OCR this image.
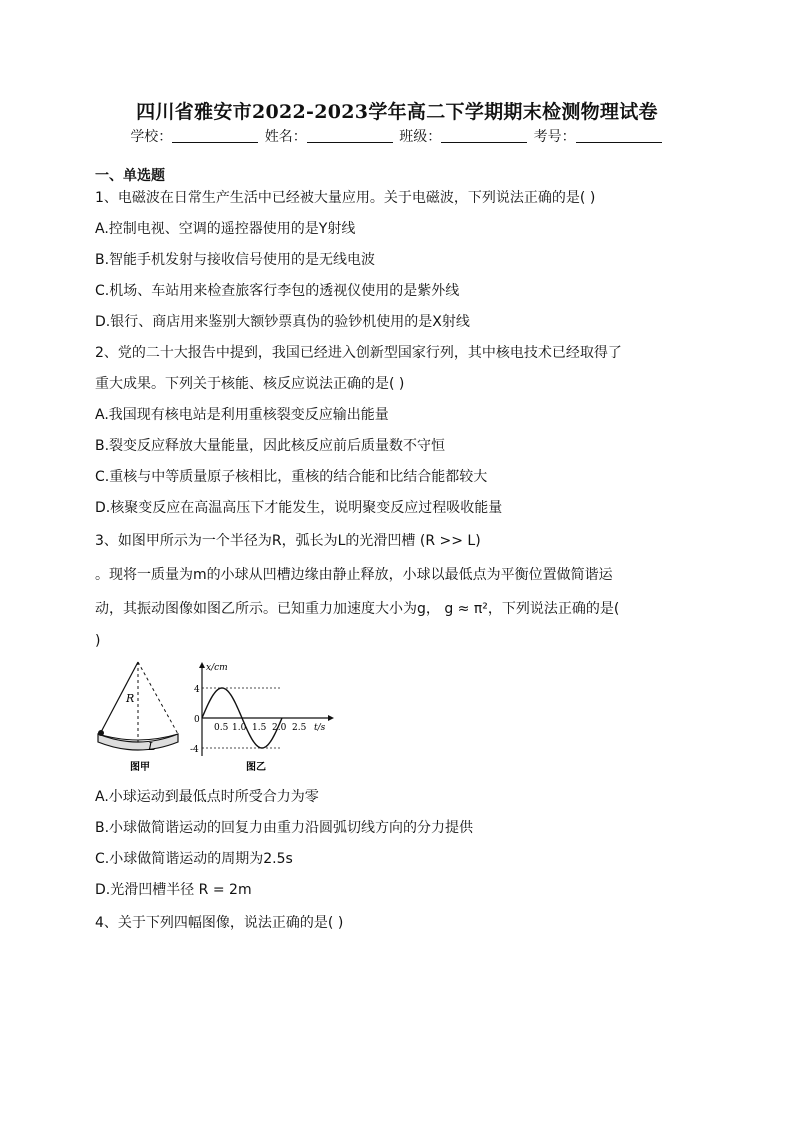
四川省雅安市2022-2023学年高二下学期期末检测物理试卷
学校：	姓名：	班级：	考号：
一、单选题
1、电磁波在日常生产生活中已经被大量应用。关于电磁波，下列说法正确的是( )
A.控制电视、空调的遥控器使用的是Y射线
B.智能手机发射与接收信号使用的是无线电波
C.机场、车站用来检查旅客行李包的透视仪使用的是紫外线
D.银行、商店用来鉴别大额钞票真伪的验钞机使用的是X射线
2、党的二十大报告中提到，我国已经进入创新型国家行列，其中核电技术已经取得了
重大成果。下列关于核能、核反应说法正确的是( )
A.我国现有核电站是利用重核裂变反应输出能量
B.裂变反应释放大量能量，因此核反应前后质量数不守恒
C.重核与中等质量原子核相比，重核的结合能和比结合能都较大
D.核聚变反应在高温高压下才能发生，说明聚变反应过程吸收能量
3、如图甲所示为一个半径为R，弧长为L的光滑凹槽 (R >> L)
。现将一质量为m的小球从凹槽边缘由静止释放，小球以最低点为平衡位置做简谐运
动，其振动图像如图乙所示。已知重力加速度大小为g， g ≈ π²，下列说法正确的是(
)
R
L
图甲
x/cm
t/s
4
0
-4
0.5 1.0 1.5 2.0 2.5
图乙
A.小球运动到最低点时所受合力为零
B.小球做简谐运动的回复力由重力沿圆弧切线方向的分力提供
C.小球做简谐运动的周期为2.5s
D.光滑凹槽半径 R = 2m
4、关于下列四幅图像，说法正确的是( )
